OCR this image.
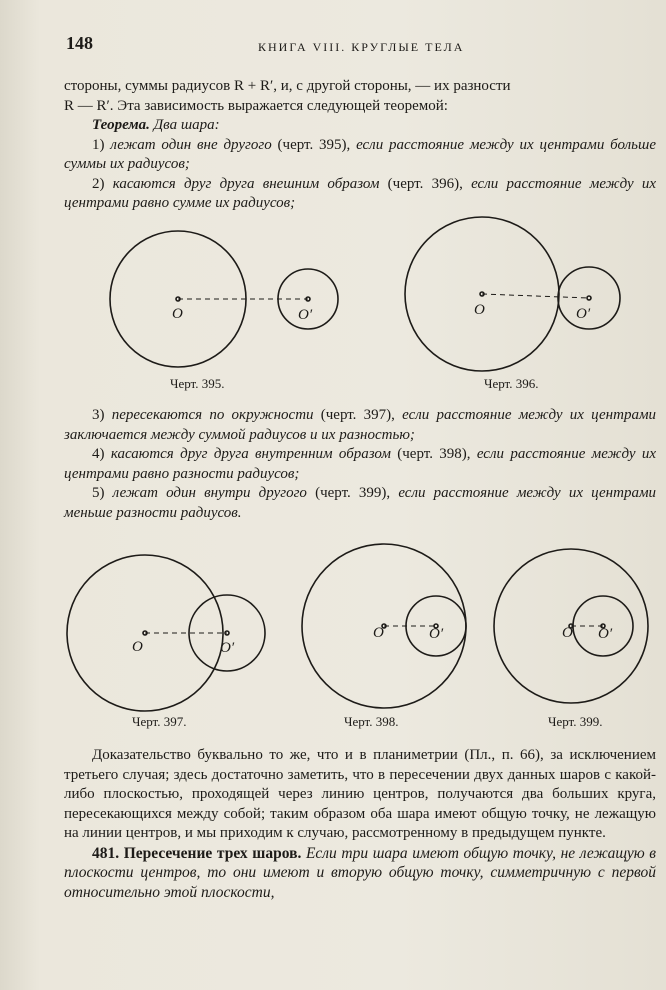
148	КНИГА VIII. КРУГЛЫЕ ТЕЛА

стороны, суммы радиусов R + R′, и, с другой стороны, — их разности

R — R′. Эта зависимость выражается следующей теоремой:

Теорема. Два шара:

1) лежат один вне другого (черт. 395), если расстояние между их центрами больше суммы их радиусов;

2) касаются друг друга внешним образом (черт. 396), если расстояние между их центрами равно сумме их радиусов;

3) пересекаются по окружности (черт. 397), если расстояние между их центрами заключается между суммой радиусов и их разностью;

4) касаются друг друга внутренним образом (черт. 398), если расстояние между их центрами равно разности радиусов;

5) лежат один внутри другого (черт. 399), если расстояние между их центрами меньше разности радиусов.

Доказательство буквально то же, что и в планиметрии (Пл., п. 66), за исключением третьего случая; здесь достаточно заметить, что в пересечении двух данных шаров с какой-либо плоскостью, проходящей через линию центров, получаются два больших круга, пересекающихся между собой; таким образом оба шара имеют общую точку, не лежащую на линии центров, и мы приходим к случаю, рассмотренному в предыдущем пункте.

481. Пересечение трех шаров. Если три шара имеют общую точку, не лежащую в плоскости центров, то они имеют и вторую общую точку, симметричную с первой относительно этой плоскости,

O	O′	O	O′
O	O′
O	O′	O O′
Черт. 395.	Черт. 396.
Черт. 397.	Черт. 398.	Черт. 399.
